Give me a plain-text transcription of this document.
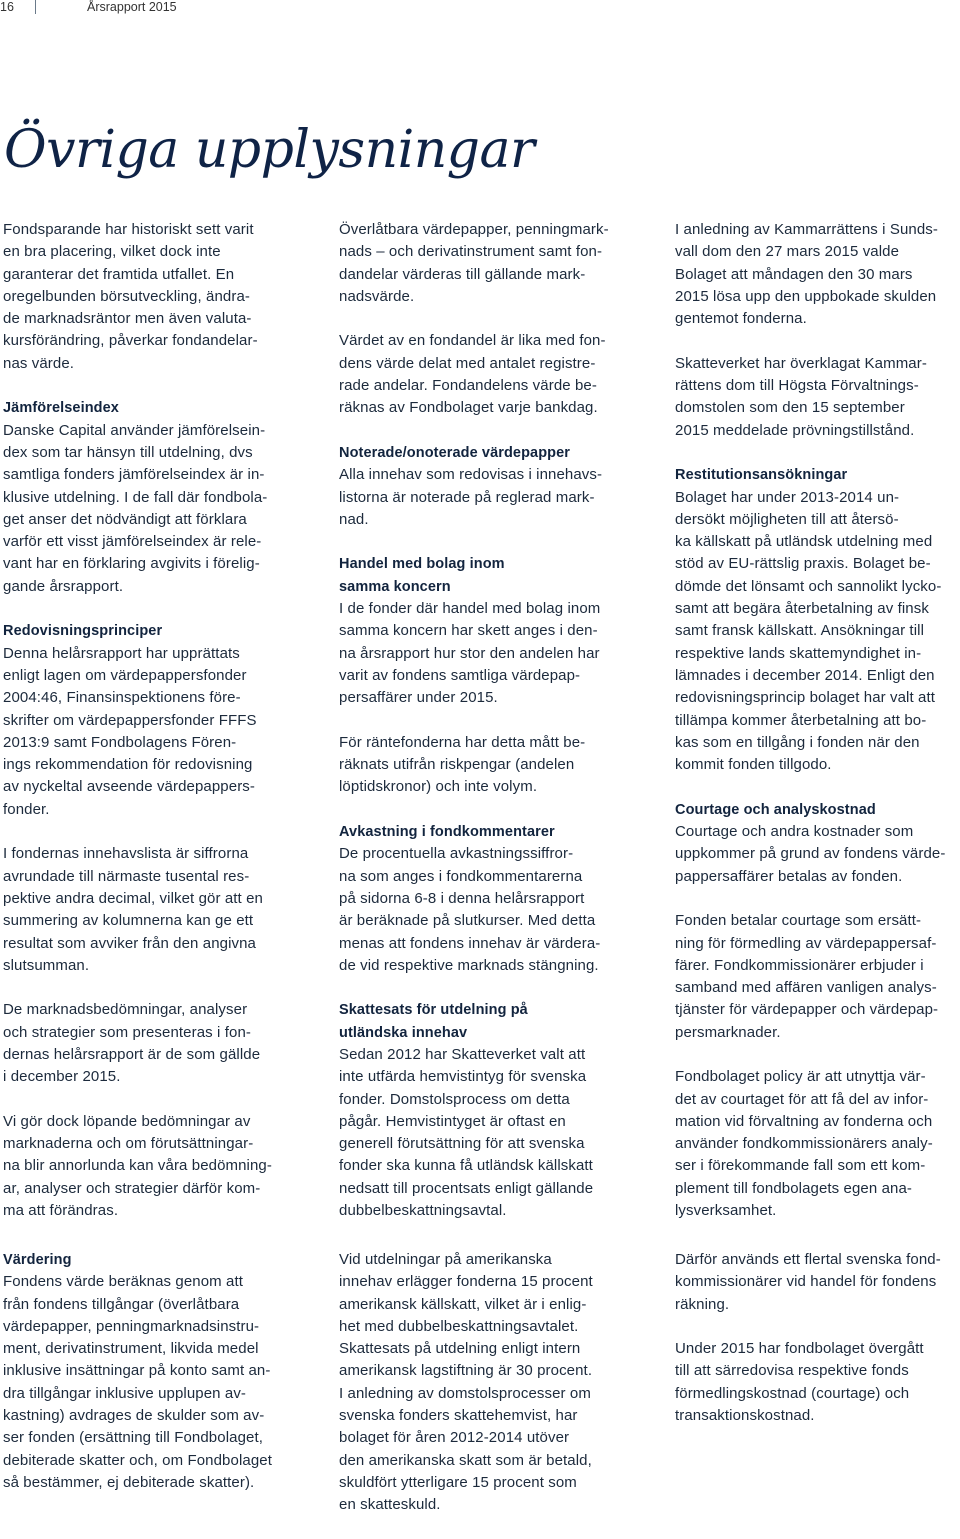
16	Årsrapport 2015
Övriga upplysningar
Fondsparande har historiskt sett varit
en bra placering, vilket dock inte
garanterar det framtida utfallet. En
oregelbunden börsutveckling, ändra-
de marknadsräntor men även valuta-
kursförändring, påverkar fondandelar-
nas värde.
Jämförelseindex
Danske Capital använder jämförelsein-
dex som tar hänsyn till utdelning, dvs
samtliga fonders jämförelseindex är in-
klusive utdelning. I de fall där fondbola-
get anser det nödvändigt att förklara
varför ett visst jämförelseindex är rele-
vant har en förklaring avgivits i förelig-
gande årsrapport.
Redovisningsprinciper
Denna helårsrapport har upprättats
enligt lagen om värdepappersfonder
2004:46, Finansinspektionens före-
skrifter om värdepappersfonder FFFS
2013:9 samt Fondbolagens Fören-
ings rekommendation för redovisning
av nyckeltal avseende värdepappers-
fonder.
I fondernas innehavslista är siffrorna
avrundade till närmaste tusental res-
pektive andra decimal, vilket gör att en
summering av kolumnerna kan ge ett
resultat som avviker från den angivna
slutsumman.
De marknadsbedömningar, analyser
och strategier som presenteras i fon-
dernas helårsrapport är de som gällde
i december 2015.
Vi gör dock löpande bedömningar av
marknaderna och om förutsättningar-
na blir annorlunda kan våra bedömning-
ar, analyser och strategier därför kom-
ma att förändras.
Överlåtbara värdepapper, penningmark-
nads – och derivatinstrument samt fon-
dandelar värderas till gällande mark-
nadsvärde.
Värdet av en fondandel är lika med fon-
dens värde delat med antalet registre-
rade andelar. Fondandelens värde be-
räknas av Fondbolaget varje bankdag.
Noterade/onoterade värdepapper
Alla innehav som redovisas i innehavs-
listorna är noterade på reglerad mark-
nad.
Handel med bolag inom
samma koncern
I de fonder där handel med bolag inom
samma koncern har skett anges i den-
na årsrapport hur stor den andelen har
varit av fondens samtliga värdepap-
persaffärer under 2015.
För räntefonderna har detta mått be-
räknats utifrån riskpengar (andelen
löptidskronor) och inte volym.
Avkastning i fondkommentarer
De procentuella avkastningssiffror-
na som anges i fondkommentarerna
på sidorna 6-8 i denna helårsrapport
är beräknade på slutkurser. Med detta
menas att fondens innehav är värdera-
de vid respektive marknads stängning.
Skattesats för utdelning på
utländska innehav
Sedan 2012 har Skatteverket valt att
inte utfärda hemvistintyg för svenska
fonder. Domstolsprocess om detta
pågår. Hemvistintyget är oftast en
generell förutsättning för att svenska
fonder ska kunna få utländsk källskatt
nedsatt till procentsats enligt gällande
dubbelbeskattningsavtal.
I anledning av Kammarrättens i Sunds-
vall dom den 27 mars 2015 valde
Bolaget att måndagen den 30 mars
2015 lösa upp den uppbokade skulden
gentemot fonderna.
Skatteverket har överklagat Kammar-
rättens dom till Högsta Förvaltnings-
domstolen som den 15 september
2015 meddelade prövningstillstånd.
Restitutionsansökningar
Bolaget har under 2013-2014 un-
dersökt möjligheten till att återsö-
ka källskatt på utländsk utdelning med
stöd av EU-rättslig praxis. Bolaget be-
dömde det lönsamt och sannolikt lycko-
samt att begära återbetalning av finsk
samt fransk källskatt. Ansökningar till
respektive lands skattemyndighet in-
lämnades i december 2014. Enligt den
redovisningsprincip bolaget har valt att
tillämpa kommer återbetalning att bo-
kas som en tillgång i fonden när den
kommit fonden tillgodo.
Courtage och analyskostnad
Courtage och andra kostnader som
uppkommer på grund av fondens värde-
pappersaffärer betalas av fonden.
Fonden betalar courtage som ersätt-
ning för förmedling av värdepappersaf-
färer. Fondkommissionärer erbjuder i
samband med affären vanligen analys-
tjänster för värdepapper och värdepap-
persmarknader.
Fondbolaget policy är att utnyttja vär-
det av courtaget för att få del av infor-
mation vid förvaltning av fonderna och
använder fondkommissionärers analy-
ser i förekommande fall som ett kom-
plement till fondbolagets egen ana-
lysverksamhet.
Värdering
Fondens värde beräknas genom att
från fondens tillgångar (överlåtbara
värdepapper, penningmarknadsinstru-
ment, derivatinstrument, likvida medel
inklusive insättningar på konto samt an-
dra tillgångar inklusive upplupen av-
kastning) avdrages de skulder som av-
ser fonden (ersättning till Fondbolaget,
debiterade skatter och, om Fondbolaget
så bestämmer, ej debiterade skatter).
Vid utdelningar på amerikanska
innehav erlägger fonderna 15 procent
amerikansk källskatt, vilket är i enlig-
het med dubbelbeskattningsavtalet.
Skattesats på utdelning enligt intern
amerikansk lagstiftning är 30 procent.
I anledning av domstolsprocesser om
svenska fonders skattehemvist, har
bolaget för åren 2012-2014 utöver
den amerikanska skatt som är betald,
skuldfört ytterligare 15 procent som
en skatteskuld.
Därför används ett flertal svenska fond-
kommissionärer vid handel för fondens
räkning.
Under 2015 har fondbolaget övergått
till att särredovisa respektive fonds
förmedlingskostnad (courtage) och
transaktionskostnad.
